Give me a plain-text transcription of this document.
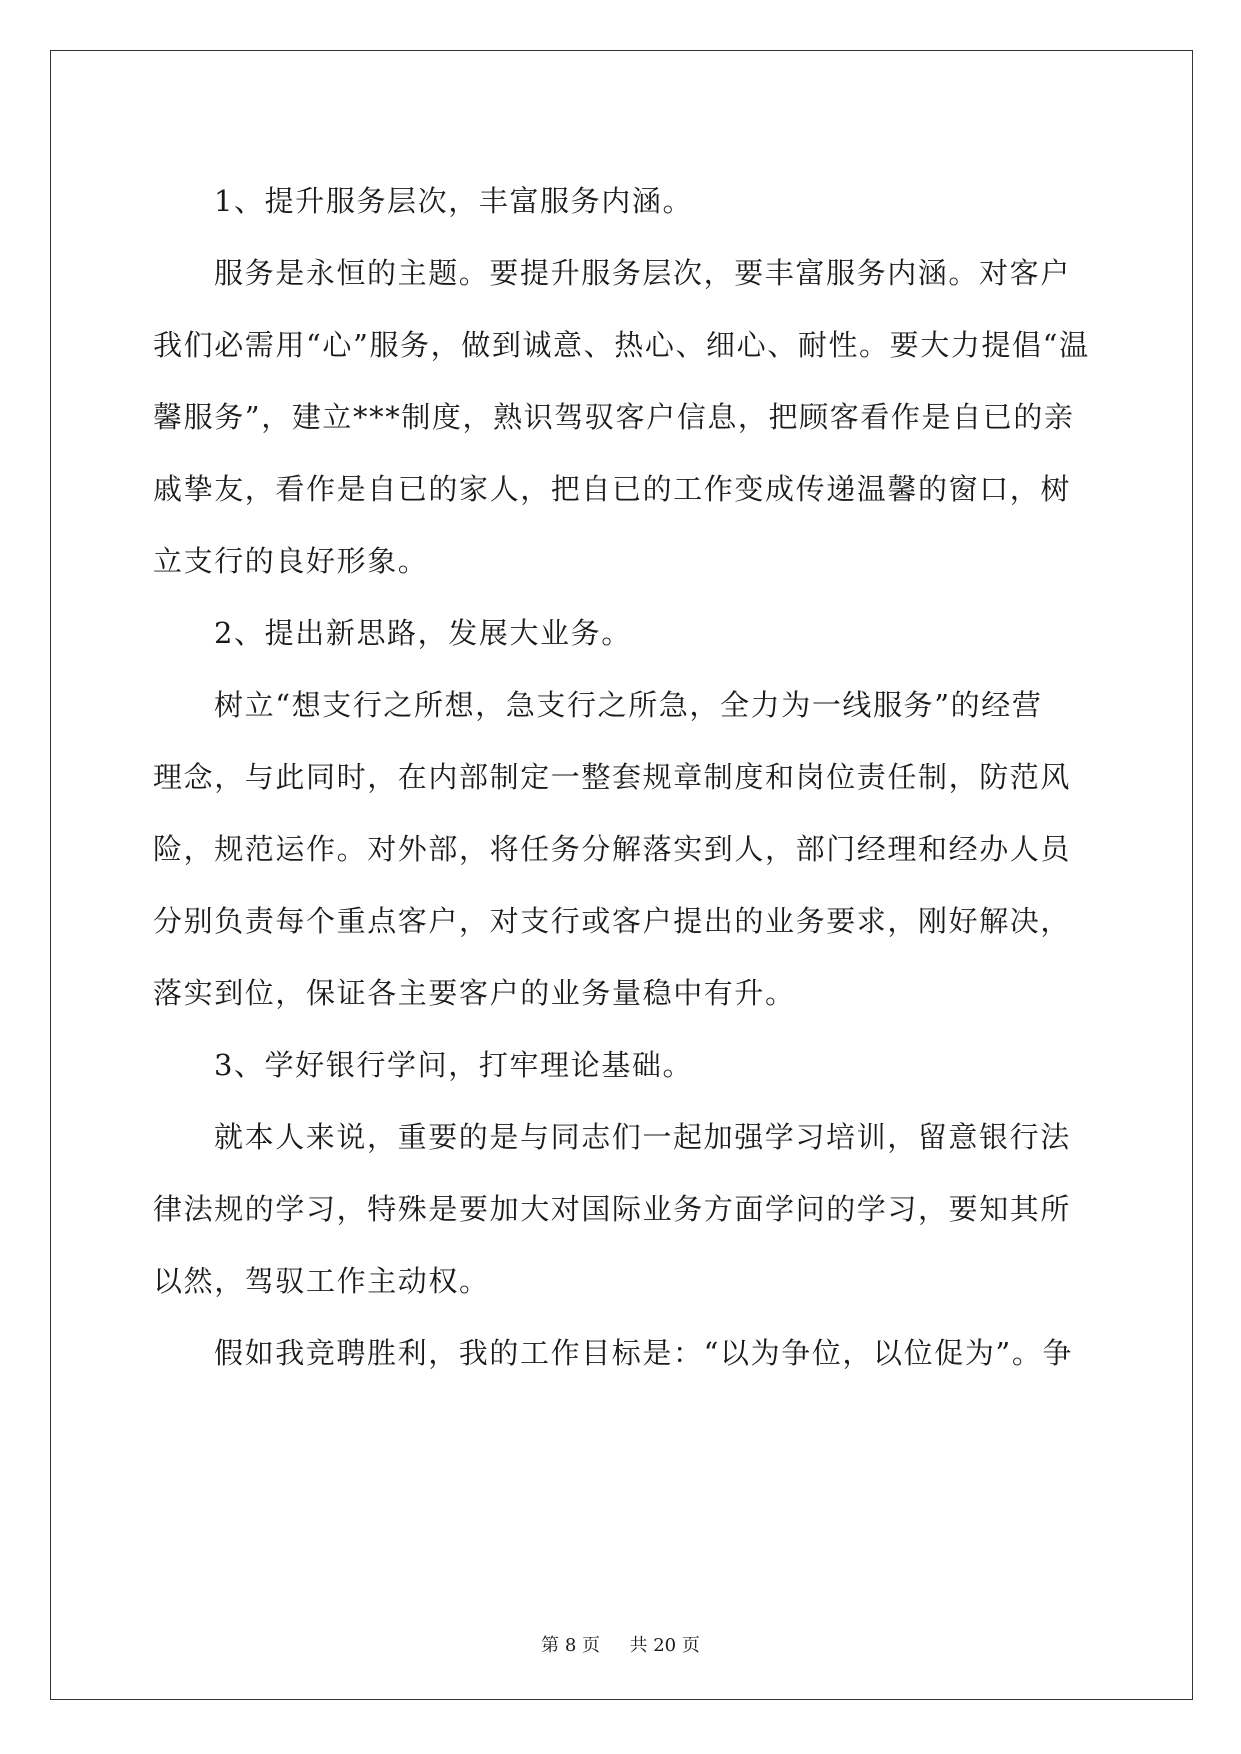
1、提升服务层次，丰富服务内涵。
服务是永恒的主题。要提升服务层次，要丰富服务内涵。对客户
我们必需用“心”服务，做到诚意、热心、细心、耐性。要大力提倡“温
馨服务”，建立***制度，熟识驾驭客户信息，把顾客看作是自已的亲
戚挚友，看作是自已的家人，把自已的工作变成传递温馨的窗口，树
立支行的良好形象。
2、提出新思路，发展大业务。
树立“想支行之所想，急支行之所急，全力为一线服务”的经营
理念，与此同时，在内部制定一整套规章制度和岗位责任制，防范风
险，规范运作。对外部，将任务分解落实到人，部门经理和经办人员
分别负责每个重点客户，对支行或客户提出的业务要求，刚好解决，
落实到位，保证各主要客户的业务量稳中有升。
3、学好银行学问，打牢理论基础。
就本人来说，重要的是与同志们一起加强学习培训，留意银行法
律法规的学习，特殊是要加大对国际业务方面学问的学习，要知其所
以然，驾驭工作主动权。
假如我竞聘胜利，我的工作目标是：“以为争位，以位促为”。争
第 8 页 共 20 页
